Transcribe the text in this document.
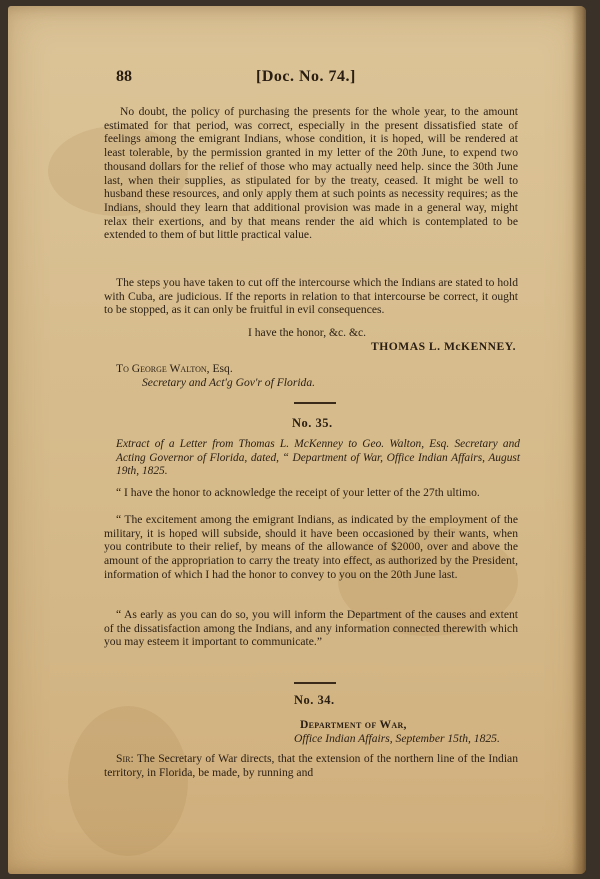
88	[Doc. No. 74.]

No doubt, the policy of purchasing the presents for the whole year, to the amount estimated for that period, was correct, especially in the present dissatisfied state of feelings among the emigrant Indians, whose condition, it is hoped, will be rendered at least tolerable, by the permission granted in my letter of the 20th June, to expend two thousand dollars for the relief of those who may actually need help. since the 30th June last, when their supplies, as stipulated for by the treaty, ceased. It might be well to husband these resources, and only apply them at such points as necessity requires; as the Indians, should they learn that additional provision was made in a general way, might relax their exertions, and by that means render the aid which is contemplated to be extended to them of but little practical value.

The steps you have taken to cut off the intercourse which the Indians are stated to hold with Cuba, are judicious. If the reports in relation to that intercourse be correct, it ought to be stopped, as it can only be fruitful in evil consequences.

I have the honor, &c. &c.
THOMAS L. McKENNEY.
To George Walton, Esq.
Secretary and Act'g Gov'r of Florida.
No. 35.

Extract of a Letter from Thomas L. McKenney to Geo. Walton, Esq. Secretary and Acting Governor of Florida, dated, “ Department of War, Office Indian Affairs, August 19th, 1825.

“ I have the honor to acknowledge the receipt of your letter of the 27th ultimo.

“ The excitement among the emigrant Indians, as indicated by the employment of the military, it is hoped will subside, should it have been occasioned by their wants, when you contribute to their relief, by means of the allowance of $2000, over and above the amount of the appropriation to carry the treaty into effect, as authorized by the President, information of which I had the honor to convey to you on the 20th June last.

“ As early as you can do so, you will inform the Department of the causes and extent of the dissatisfaction among the Indians, and any information connected therewith which you may esteem it important to communicate.”

No. 34.
Department of War,
Office Indian Affairs, September 15th, 1825.

Sir: The Secretary of War directs, that the extension of the northern line of the Indian territory, in Florida, be made, by running and
